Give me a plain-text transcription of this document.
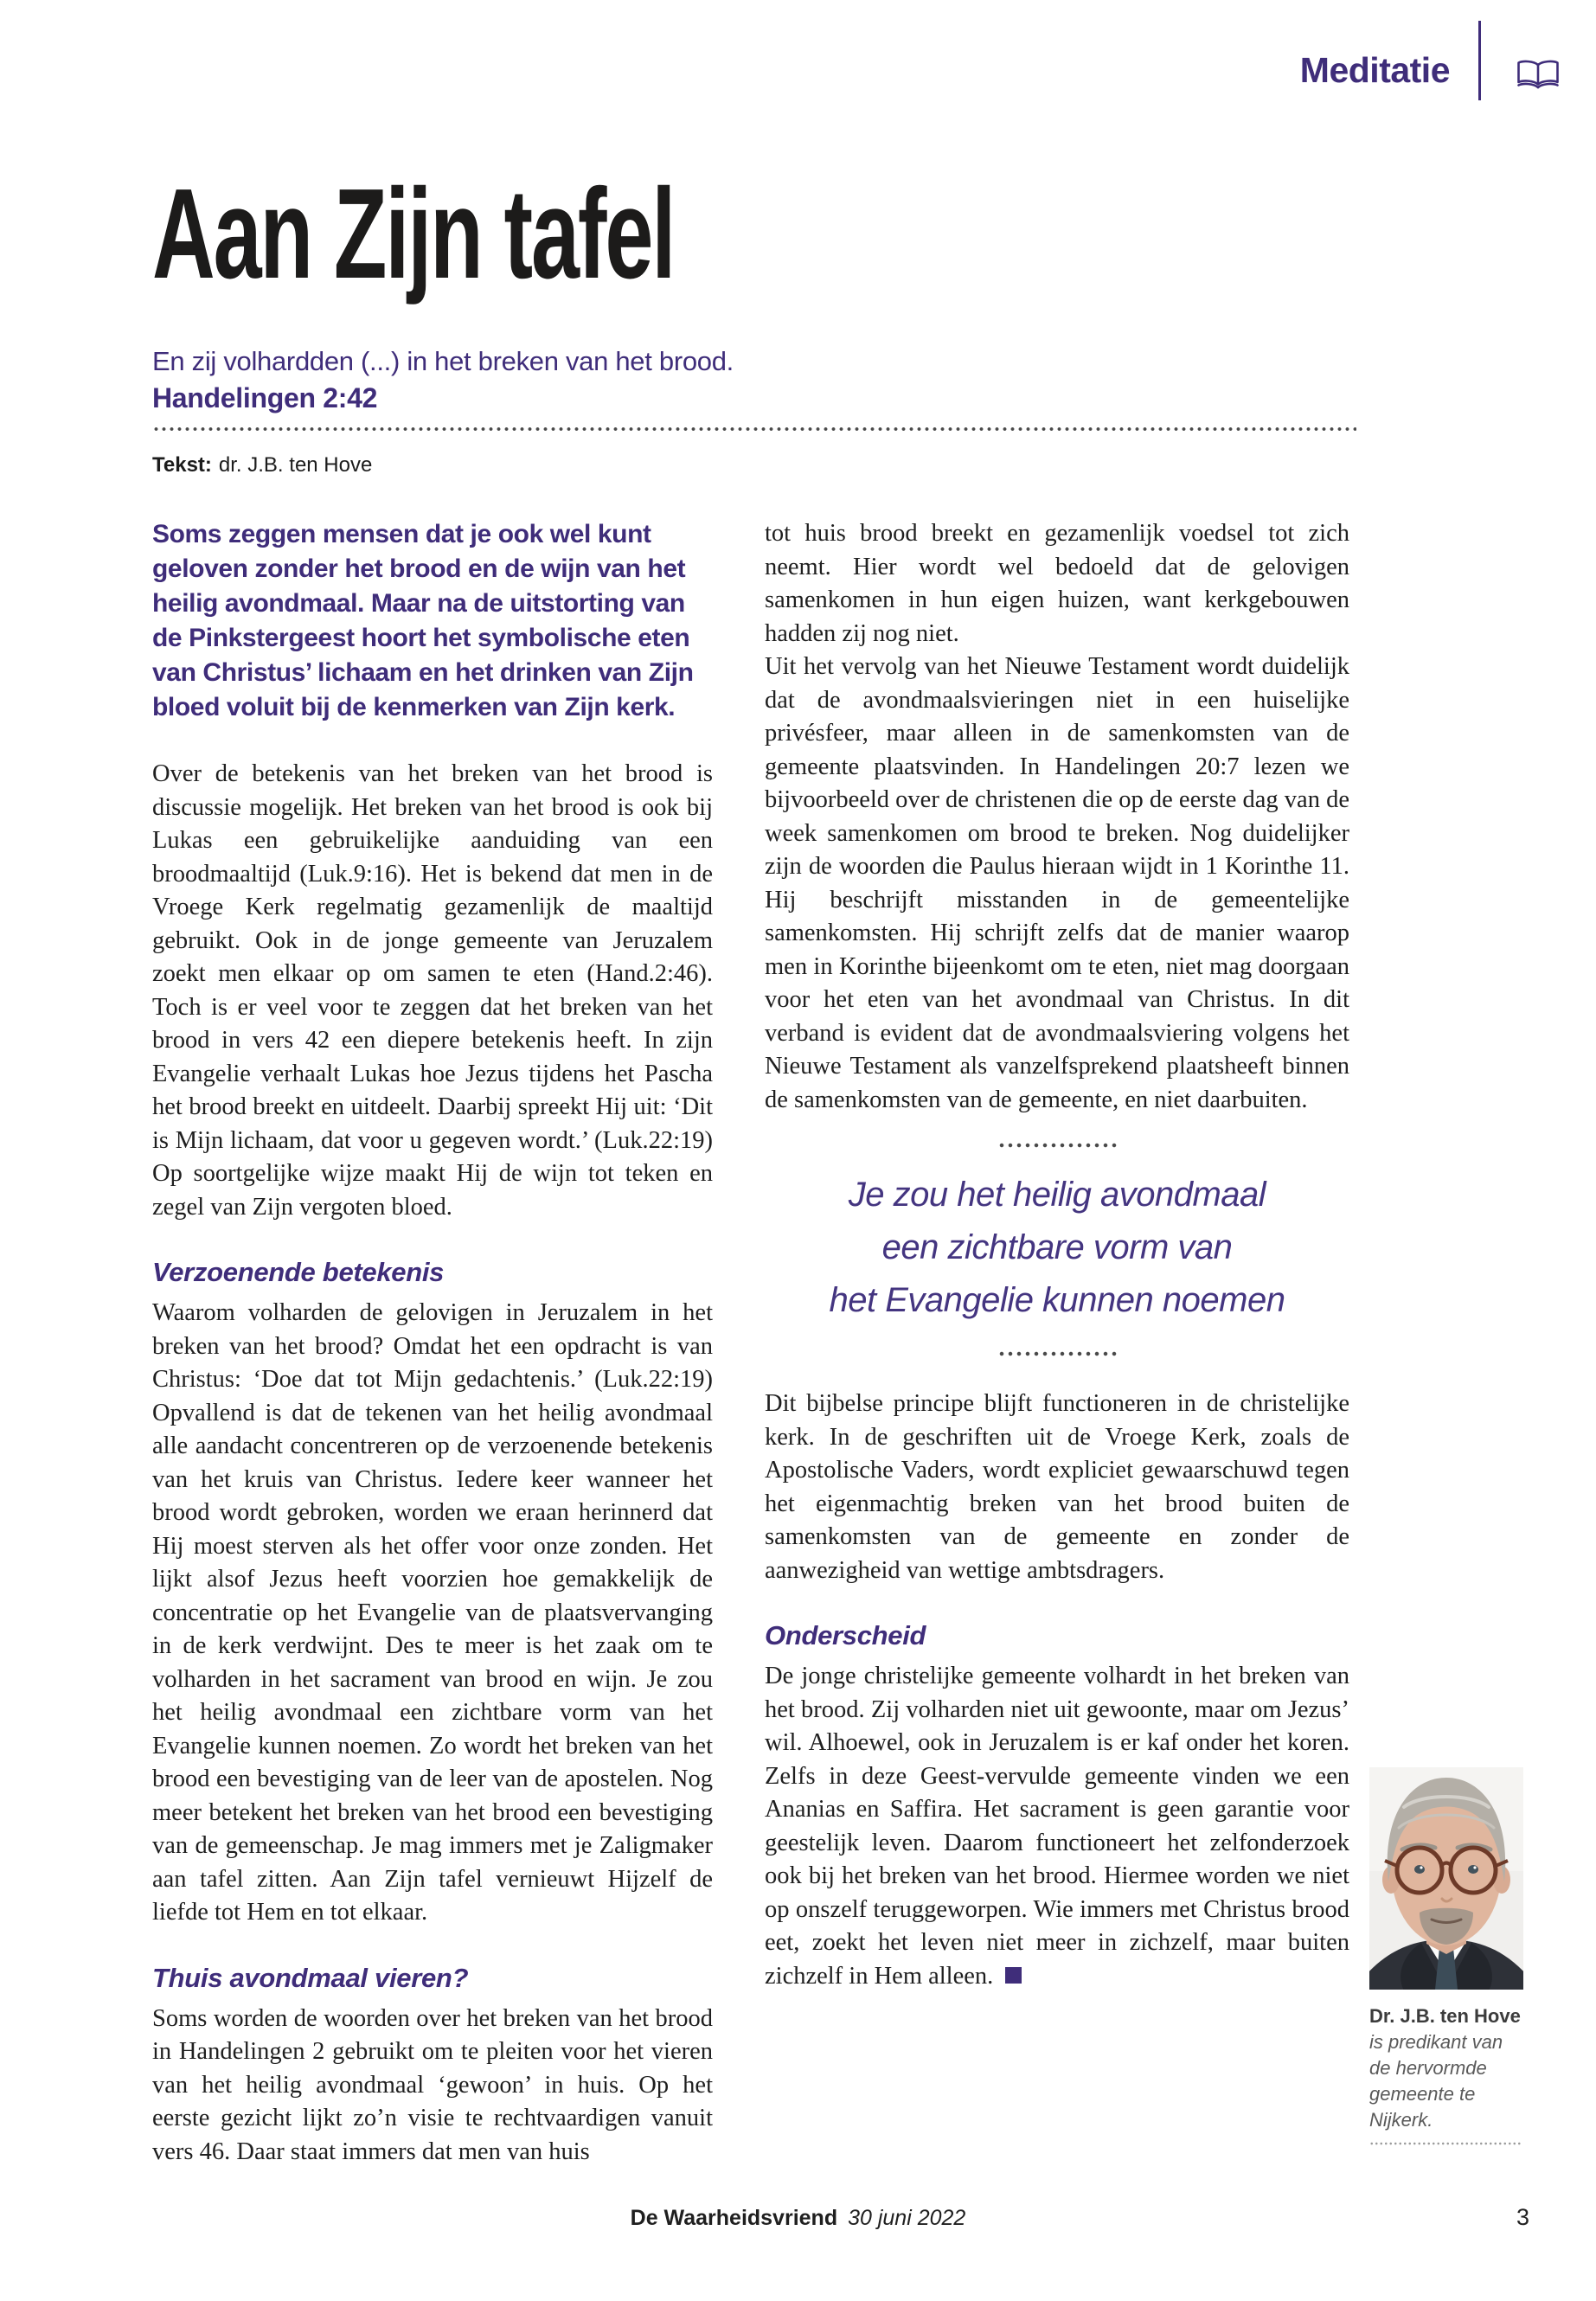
Meditatie
Aan Zijn tafel
En zij volhardden (...) in het breken van het brood.
Handelingen 2:42
Tekst: dr. J.B. ten Hove

Soms zeggen mensen dat je ook wel kunt geloven zonder het brood en de wijn van het heilig avondmaal. Maar na de uitstorting van de Pinkstergeest hoort het symbolische eten van Christus’ lichaam en het drinken van Zijn bloed voluit bij de kenmerken van Zijn kerk.

Over de betekenis van het breken van het brood is discussie mogelijk. Het breken van het brood is ook bij Lukas een gebruikelijke aanduiding van een broodmaaltijd (Luk.9:16). Het is bekend dat men in de Vroege Kerk regelmatig gezamenlijk de maaltijd gebruikt. Ook in de jonge gemeente van Jeruzalem zoekt men elkaar op om samen te eten (Hand.2:46). Toch is er veel voor te zeggen dat het breken van het brood in vers 42 een diepere betekenis heeft. In zijn Evangelie verhaalt Lukas hoe Jezus tijdens het Pascha het brood breekt en uitdeelt. Daarbij spreekt Hij uit: ‘Dit is Mijn lichaam, dat voor u gegeven wordt.’ (Luk.22:19) Op soortgelijke wijze maakt Hij de wijn tot teken en zegel van Zijn vergoten bloed.

Verzoenende betekenis

Waarom volharden de gelovigen in Jeruzalem in het breken van het brood? Omdat het een opdracht is van Christus: ‘Doe dat tot Mijn gedachtenis.’ (Luk.22:19) Opvallend is dat de tekenen van het heilig avondmaal alle aandacht concentreren op de verzoenende betekenis van het kruis van Christus. Iedere keer wanneer het brood wordt gebroken, worden we eraan herinnerd dat Hij moest sterven als het offer voor onze zonden. Het lijkt alsof Jezus heeft voorzien hoe gemakkelijk de concentratie op het Evangelie van de plaatsvervanging in de kerk verdwijnt. Des te meer is het zaak om te volharden in het sacrament van brood en wijn. Je zou het heilig avondmaal een zichtbare vorm van het Evangelie kunnen noemen. Zo wordt het breken van het brood een bevestiging van de leer van de apostelen. Nog meer betekent het breken van het brood een bevestiging van de gemeenschap. Je mag immers met je Zaligmaker aan tafel zitten. Aan Zijn tafel vernieuwt Hijzelf de liefde tot Hem en tot elkaar.

Thuis avondmaal vieren?

Soms worden de woorden over het breken van het brood in Handelingen 2 gebruikt om te pleiten voor het vieren van het heilig avondmaal ‘gewoon’ in huis. Op het eerste gezicht lijkt zo’n visie te rechtvaardigen vanuit vers 46. Daar staat immers dat men van huis

tot huis brood breekt en gezamenlijk voedsel tot zich neemt. Hier wordt wel bedoeld dat de gelovigen samenkomen in hun eigen huizen, want kerkgebouwen hadden zij nog niet.

Uit het vervolg van het Nieuwe Testament wordt duidelijk dat de avondmaalsvieringen niet in een huiselijke privésfeer, maar alleen in de samenkomsten van de gemeente plaatsvinden. In Handelingen 20:7 lezen we bijvoorbeeld over de christenen die op de eerste dag van de week samenkomen om brood te breken. Nog duidelijker zijn de woorden die Paulus hieraan wijdt in 1 Korinthe 11. Hij beschrijft misstanden in de gemeentelijke samenkomsten. Hij schrijft zelfs dat de manier waarop men in Korinthe bijeenkomt om te eten, niet mag doorgaan voor het eten van het avondmaal van Christus. In dit verband is evident dat de avondmaalsviering volgens het Nieuwe Testament als vanzelfsprekend plaatsheeft binnen de samenkomsten van de gemeente, en niet daarbuiten.

Je zou het heilig avondmaal
een zichtbare vorm van
het Evangelie kunnen noemen

Dit bijbelse principe blijft functioneren in de christelijke kerk. In de geschriften uit de Vroege Kerk, zoals de Apostolische Vaders, wordt expliciet gewaarschuwd tegen het eigenmachtig breken van het brood buiten de samenkomsten van de gemeente en zonder de aanwezigheid van wettige ambtsdragers.

Onderscheid

De jonge christelijke gemeente volhardt in het breken van het brood. Zij volharden niet uit gewoonte, maar om Jezus’ wil. Alhoewel, ook in Jeruzalem is er kaf onder het koren. Zelfs in deze Geest-vervulde gemeente vinden we een Ananias en Saffira. Het sacrament is geen garantie voor geestelijk leven. Daarom functioneert het zelfonderzoek ook bij het breken van het brood. Hiermee worden we niet op onszelf teruggeworpen. Wie immers met Christus brood eet, zoekt het leven niet meer in zichzelf, maar buiten zichzelf in Hem alleen.

Dr. J.B. ten Hove
is predikant van de hervormde gemeente te Nijkerk.
De Waarheidsvriend 30 juni 2022	3
